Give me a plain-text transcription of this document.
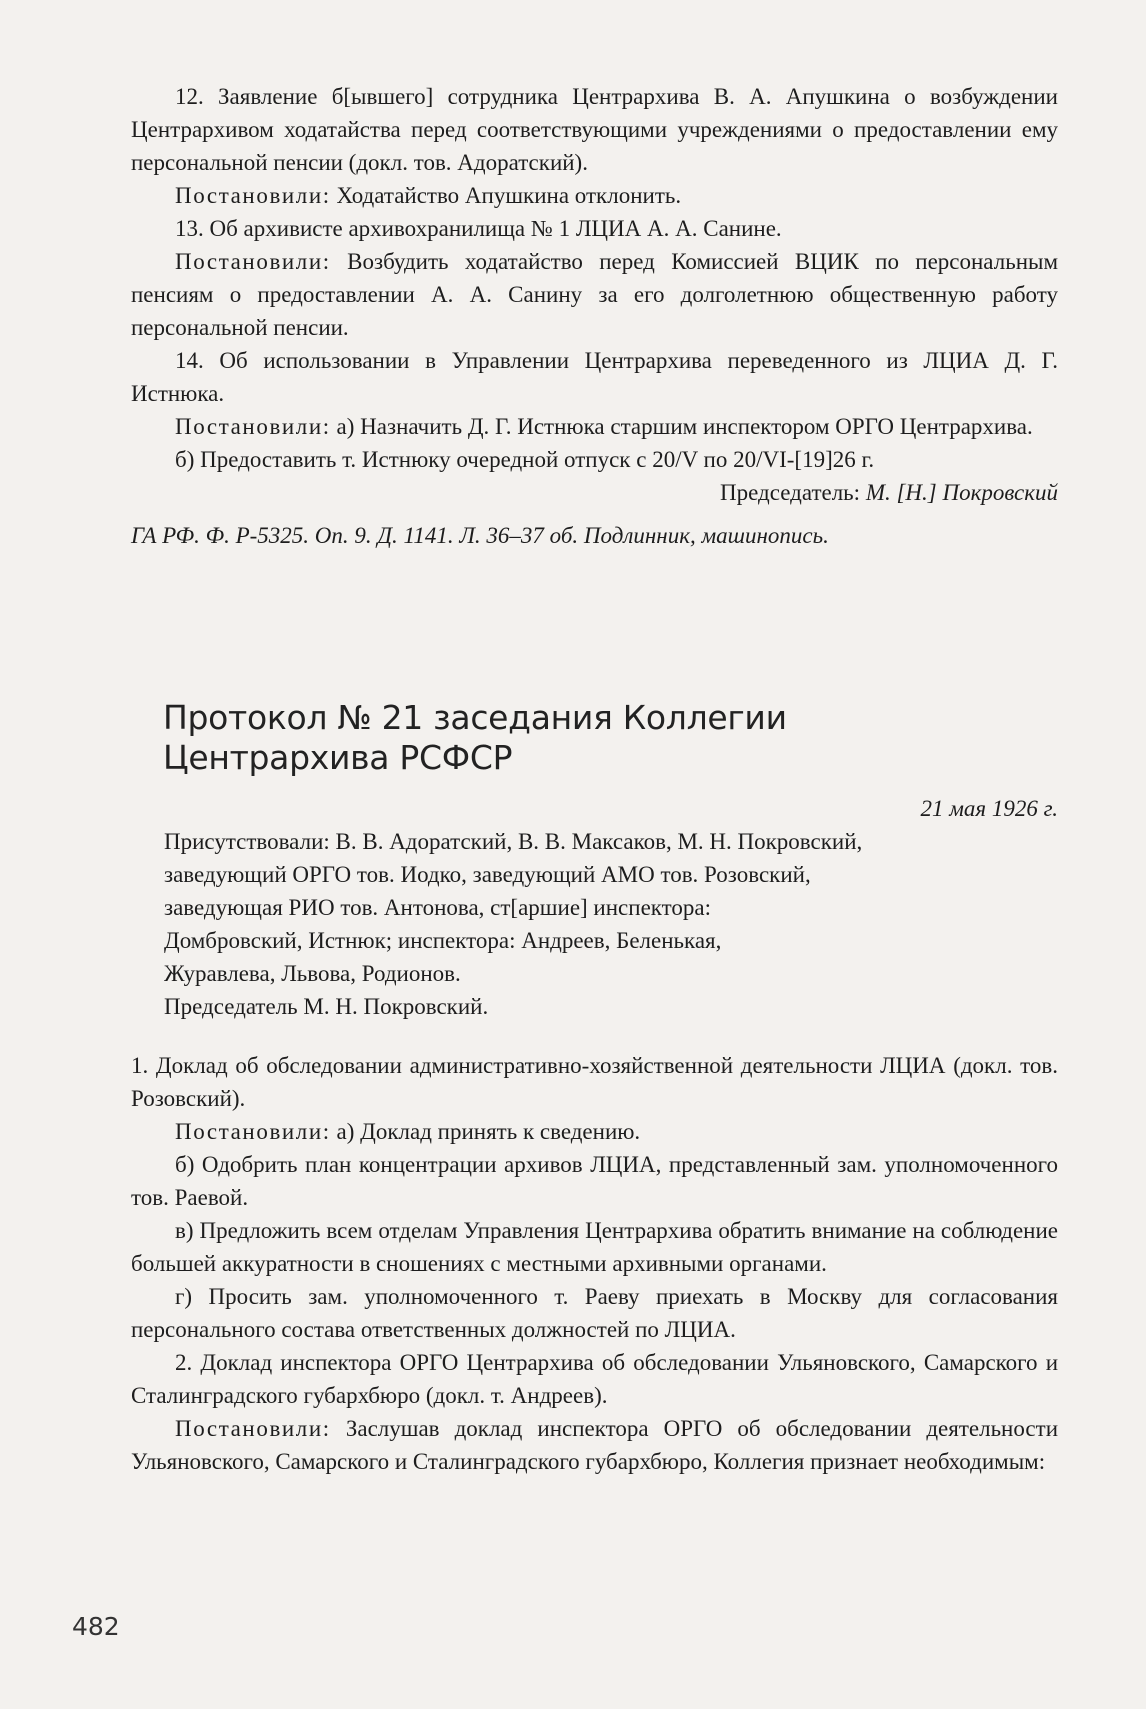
12. Заявление б[ывшего] сотрудника Центрархива В. А. Апушкина о возбуждении Центрархивом ходатайства перед соответствующими учреждениями о предоставлении ему персональной пенсии (докл. тов. Адоратский).

Постановили: Ходатайство Апушкина отклонить.

13. Об архивисте архивохранилища № 1 ЛЦИА А. А. Санине.

Постановили: Возбудить ходатайство перед Комиссией ВЦИК по персональным пенсиям о предоставлении А. А. Санину за его долголетнюю общественную работу персональной пенсии.

14. Об использовании в Управлении Центрархива переведенного из ЛЦИА Д. Г. Истнюка.

Постановили: а) Назначить Д. Г. Истнюка старшим инспектором ОРГО Центрархива.

б) Предоставить т. Истнюку очередной отпуск с 20/V по 20/VI-[19]26 г.

Председатель: М. [Н.] Покровский

ГА РФ. Ф. Р-5325. Оп. 9. Д. 1141. Л. 36–37 об. Подлинник, машинопись.

Протокол № 21 заседания Коллегии
Центрархива РСФСР

21 мая 1926 г.

Присутствовали: В. В. Адоратский, В. В. Максаков, М. Н. Покровский,
заведующий ОРГО тов. Иодко, заведующий АМО тов. Розовский,
заведующая РИО тов. Антонова, ст[аршие] инспектора:
Домбровский, Истнюк; инспектора: Андреев, Беленькая,
Журавлева, Львова, Родионов.
Председатель М. Н. Покровский.

1. Доклад об обследовании административно-хозяйственной деятельности ЛЦИА (докл. тов. Розовский).

Постановили: а) Доклад принять к сведению.

б) Одобрить план концентрации архивов ЛЦИА, представленный зам. уполномоченного тов. Раевой.

в) Предложить всем отделам Управления Центрархива обратить внимание на соблюдение большей аккуратности в сношениях с местными архивными органами.

г) Просить зам. уполномоченного т. Раеву приехать в Москву для согласования персонального состава ответственных должностей по ЛЦИА.

2. Доклад инспектора ОРГО Центрархива об обследовании Ульяновского, Самарского и Сталинградского губархбюро (докл. т. Андреев).

Постановили: Заслушав доклад инспектора ОРГО об обследовании деятельности Ульяновского, Самарского и Сталинградского губархбюро, Коллегия признает необходимым:

482
